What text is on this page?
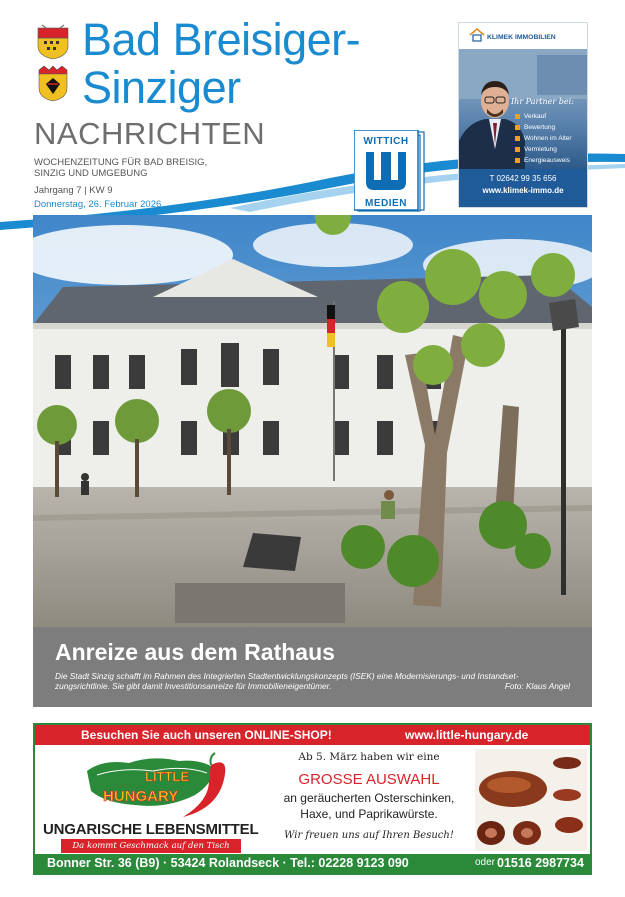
Bad Breisiger-
Sinziger
NACHRICHTEN
WOCHENZEITUNG FÜR BAD BREISIG,
SINZIG UND UMGEBUNG
Jahrgang 7 | KW 9
Donnerstag, 26. Februar 2026
WITTICH
MEDIEN
KLIMEK IMMOBILIEN
Ihr Partner bei:
Verkauf
Bewertung
Wohnen im Alter
Vermietung
Energieausweis
T 02642 99 35 656
www.klimek-immo.de
Anreize aus dem Rathaus
Die Stadt Sinzig schafft im Rahmen des Integrierten Stadtentwicklungskonzepts (ISEK) eine Modernisierungs- und Instandset-
zungsrichtlinie. Sie gibt damit Investitionsanreize für Immobilieneigentümer.	Foto: Klaus Angel
Besuchen Sie auch unseren ONLINE-SHOP!	www.little-hungary.de
LITTLE
HUNGARY
UNGARISCHE LEBENSMITTEL
Da kommt Geschmack auf den Tisch
Ab 5. März haben wir eine
GROSSE AUSWAHL
an geräucherten Osterschinken,
Haxe, und Paprikawürste.
Wir freuen uns auf Ihren Besuch!
Bonner Str. 36 (B9) · 53424 Rolandseck · Tel.: 02228 9123 090	oder 01516 2987734
